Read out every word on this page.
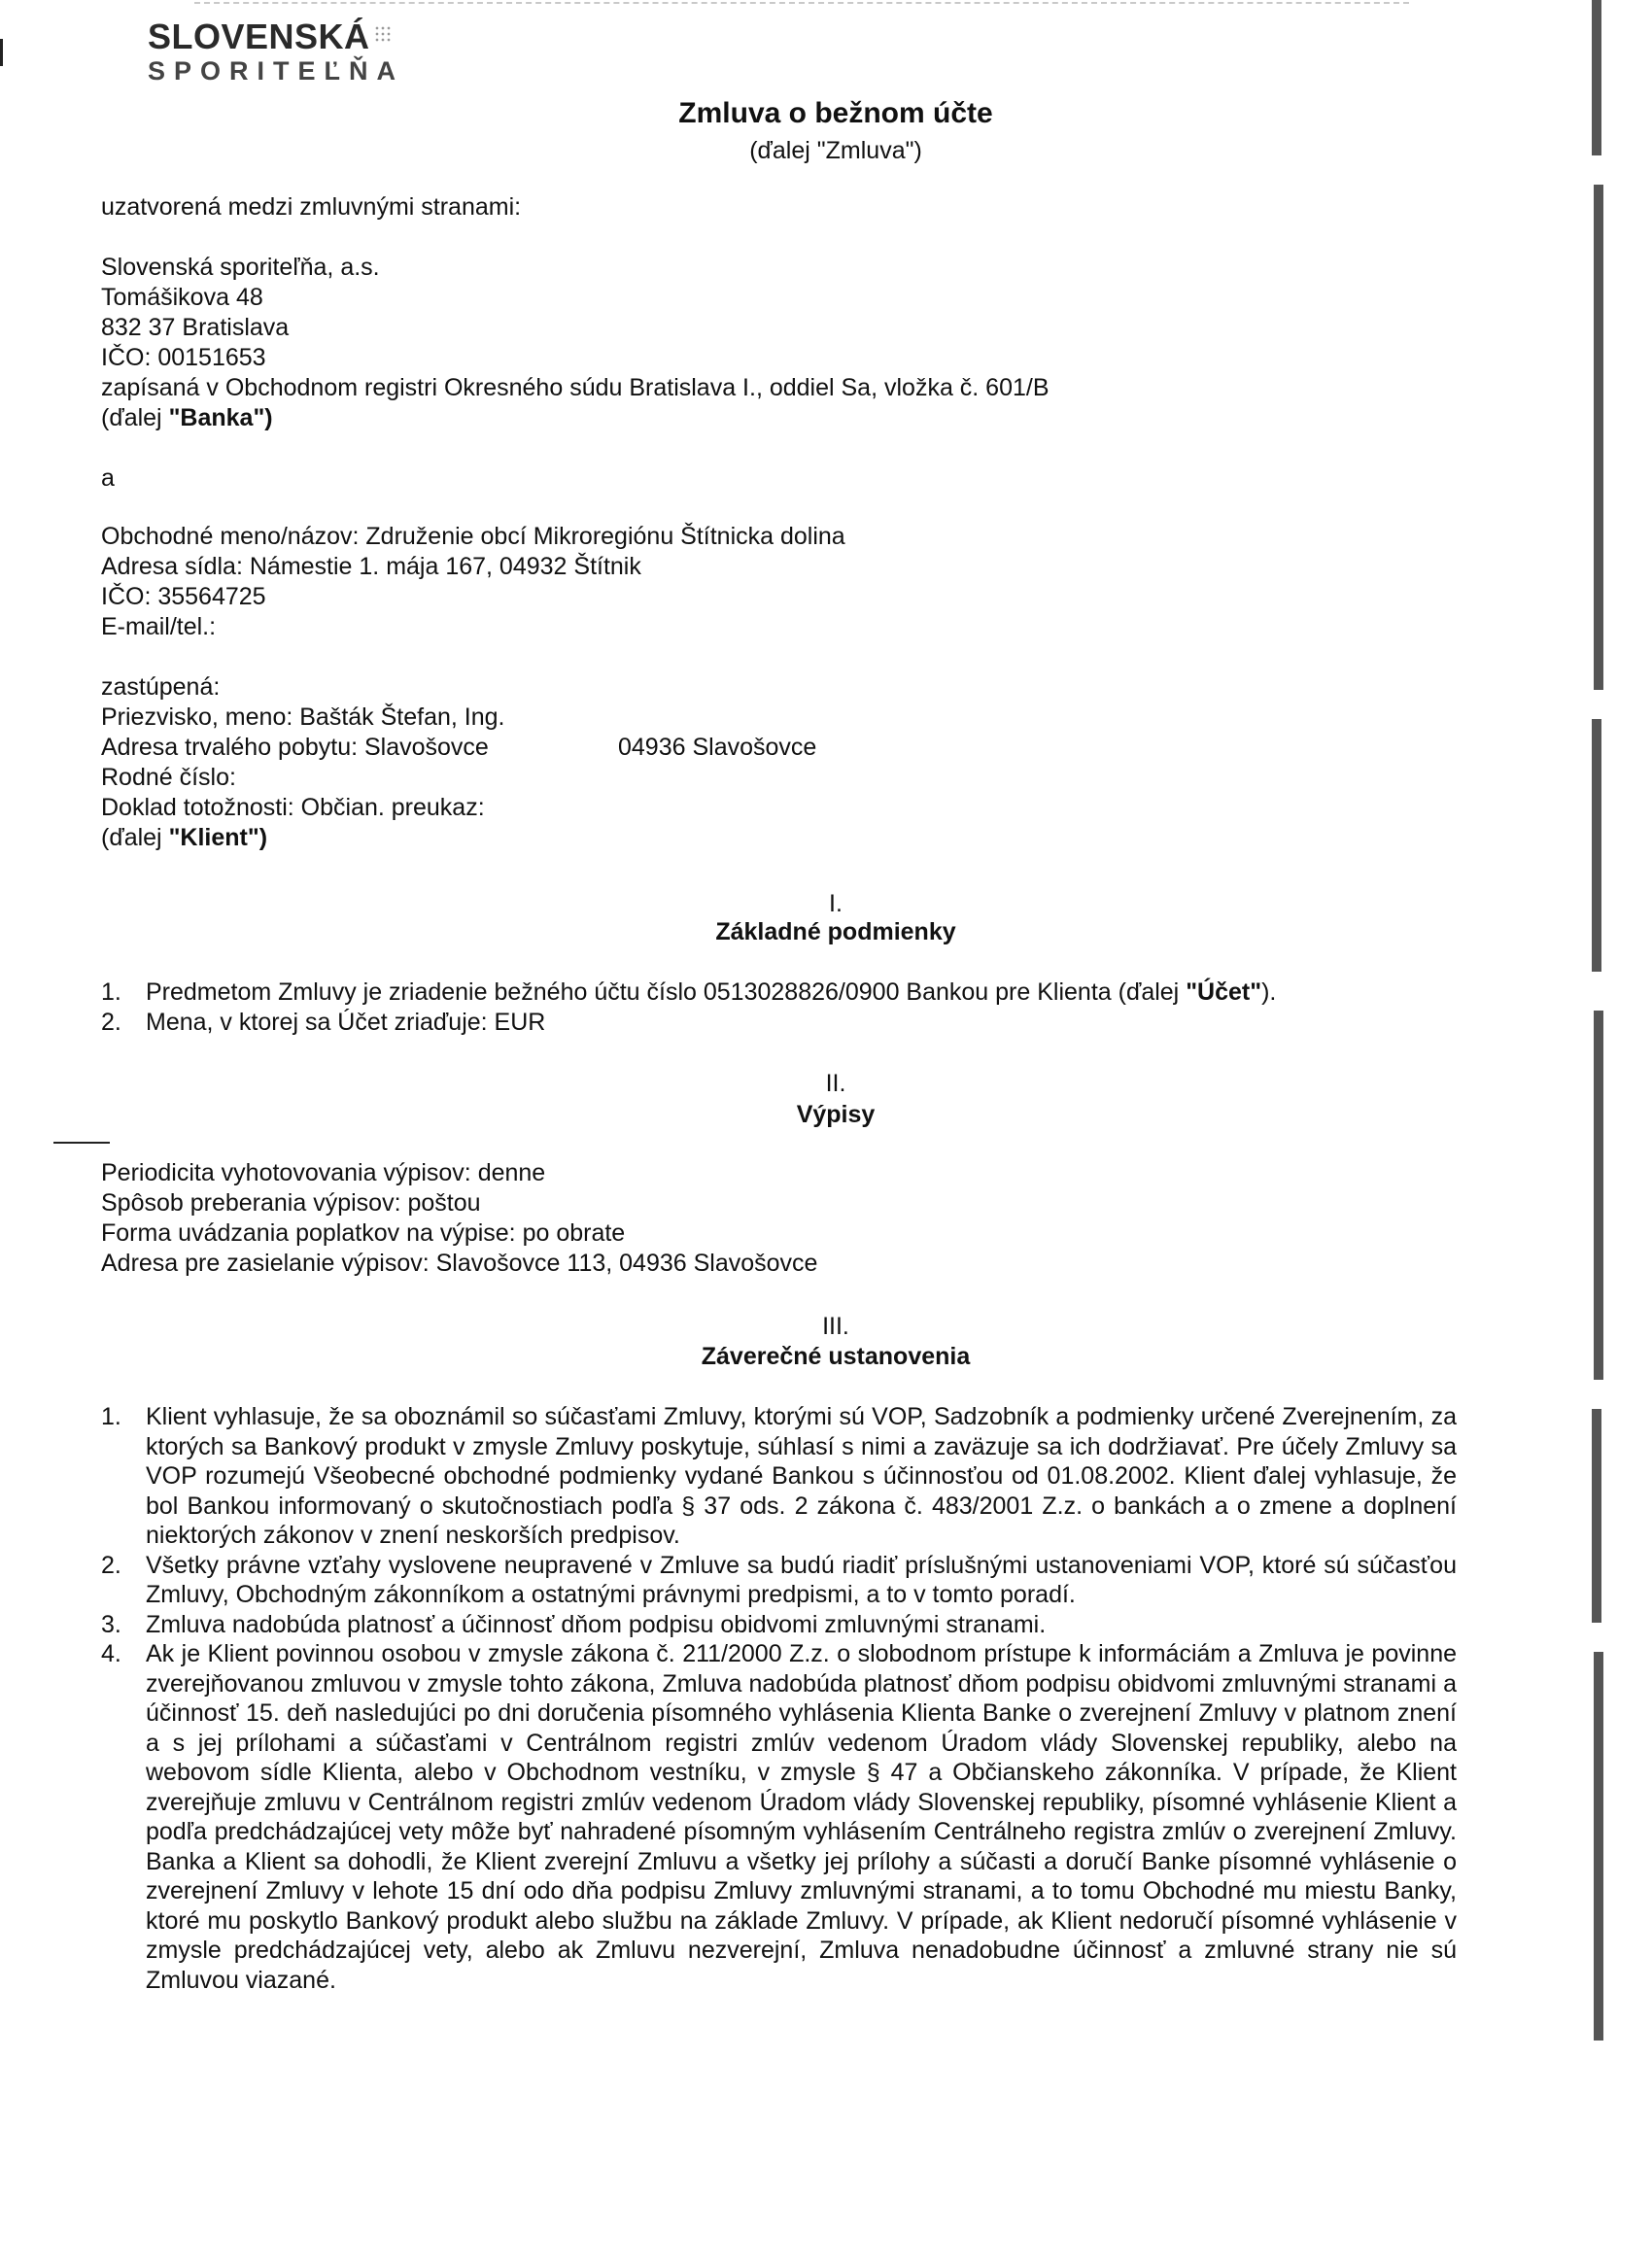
SLOVENSKÁ
SPORITEĽŇA
Zmluva o bežnom účte
(ďalej "Zmluva")
uzatvorená medzi zmluvnými stranami:
Slovenská sporiteľňa, a.s.
Tomášikova 48
832 37 Bratislava
IČO: 00151653
zapísaná v Obchodnom registri Okresného súdu Bratislava I., oddiel Sa, vložka č. 601/B
(ďalej "Banka")
a
Obchodné meno/názov: Združenie obcí Mikroregiónu Štítnicka dolina
Adresa sídla: Námestie 1. mája 167, 04932 Štítnik
IČO: 35564725
E-mail/tel.:
zastúpená:
Priezvisko, meno: Bašták Štefan, Ing.
Adresa trvalého pobytu: Slavošovce	04936 Slavošovce
Rodné číslo:
Doklad totožnosti: Občian. preukaz:
(ďalej "Klient")
I.
Základné podmienky
1. Predmetom Zmluvy je zriadenie bežného účtu číslo 0513028826/0900 Bankou pre Klienta (ďalej "Účet").
2. Mena, v ktorej sa Účet zriaďuje: EUR
II.
Výpisy
Periodicita vyhotovovania výpisov: denne
Spôsob preberania výpisov: poštou
Forma uvádzania poplatkov na výpise: po obrate
Adresa pre zasielanie výpisov: Slavošovce 113, 04936 Slavošovce
III.
Záverečné ustanovenia
1. Klient vyhlasuje, že sa oboznámil so súčasťami Zmluvy, ktorými sú VOP, Sadzobník a podmienky určené Zverejnením, za ktorých sa Bankový produkt v zmysle Zmluvy poskytuje, súhlasí s nimi a zaväzuje sa ich dodržiavať. Pre účely Zmluvy sa VOP rozumejú Všeobecné obchodné podmienky vydané Bankou s účinnosťou od 01.08.2002. Klient ďalej vyhlasuje, že bol Bankou informovaný o skutočnostiach podľa § 37 ods. 2 zákona č. 483/2001 Z.z. o bankách a o zmene a doplnení niektorých zákonov v znení neskorších predpisov.
2. Všetky právne vzťahy vyslovene neupravené v Zmluve sa budú riadiť príslušnými ustanoveniami VOP, ktoré sú súčasťou Zmluvy, Obchodným zákonníkom a ostatnými právnymi predpismi, a to v tomto poradí.
3. Zmluva nadobúda platnosť a účinnosť dňom podpisu obidvomi zmluvnými stranami.
4. Ak je Klient povinnou osobou v zmysle zákona č. 211/2000 Z.z. o slobodnom prístupe k informáciám a Zmluva je povinne zverejňovanou zmluvou v zmysle tohto zákona, Zmluva nadobúda platnosť dňom podpisu obidvomi zmluvnými stranami a účinnosť 15. deň nasledujúci po dni doručenia písomného vyhlásenia Klienta Banke o zverejnení Zmluvy v platnom znení a s jej prílohami a súčasťami v Centrálnom registri zmlúv vedenom Úradom vlády Slovenskej republiky, alebo na webovom sídle Klienta, alebo v Obchodnom vestníku, v zmysle § 47 a Občianskeho zákonníka. V prípade, že Klient zverejňuje zmluvu v Centrálnom registri zmlúv vedenom Úradom vlády Slovenskej republiky, písomné vyhlásenie Klient a podľa predchádzajúcej vety môže byť nahradené písomným vyhlásením Centrálneho registra zmlúv o zverejnení Zmluvy. Banka a Klient sa dohodli, že Klient zverejní Zmluvu a všetky jej prílohy a súčasti a doručí Banke písomné vyhlásenie o zverejnení Zmluvy v lehote 15 dní odo dňa podpisu Zmluvy zmluvnými stranami, a to tomu Obchodné mu miestu Banky, ktoré mu poskytlo Bankový produkt alebo službu na základe Zmluvy. V prípade, ak Klient nedoručí písomné vyhlásenie v zmysle predchádzajúcej vety, alebo ak Zmluvu nezverejní, Zmluva nenadobudne účinnosť a zmluvné strany nie sú Zmluvou viazané.
